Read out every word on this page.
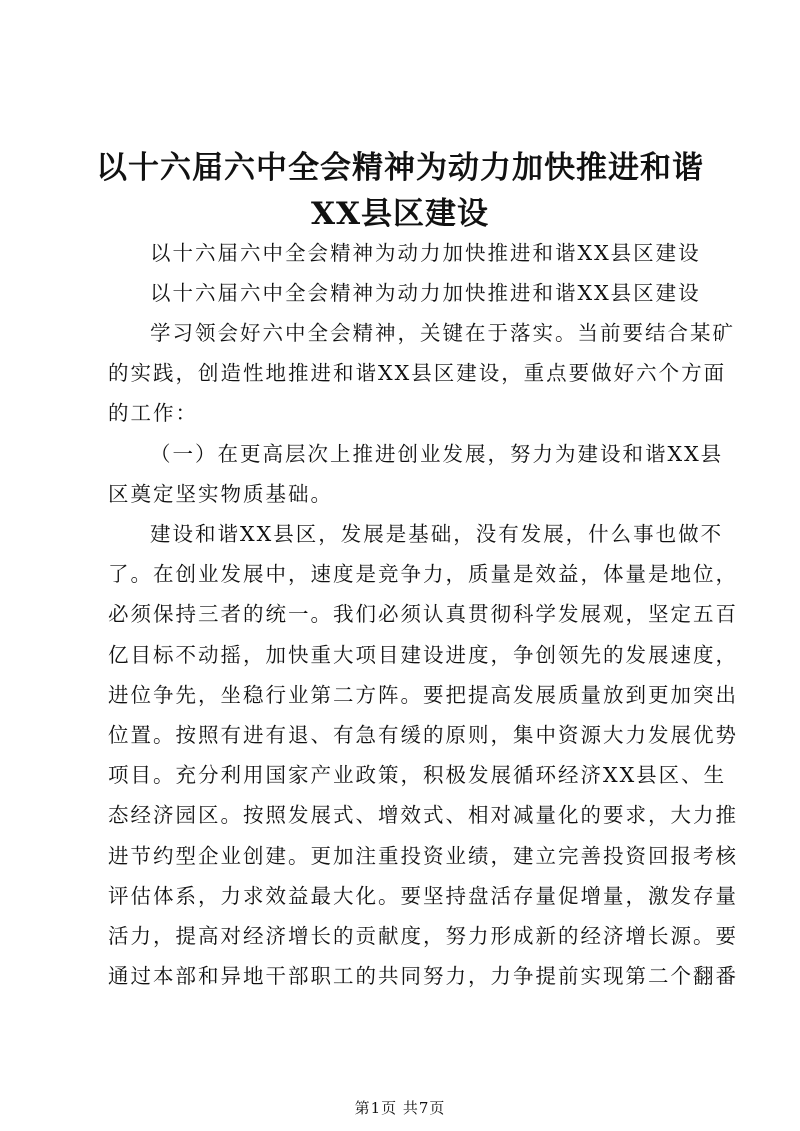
以十六届六中全会精神为动力加快推进和谐
XX县区建设

以十六届六中全会精神为动力加快推进和谐XX县区建设

以十六届六中全会精神为动力加快推进和谐XX县区建设

学习领会好六中全会精神，关键在于落实。当前要结合某矿

的实践，创造性地推进和谐XX县区建设，重点要做好六个方面

的工作：

（一）在更高层次上推进创业发展，努力为建设和谐XX县

区奠定坚实物质基础。

建设和谐XX县区，发展是基础，没有发展，什么事也做不

了。在创业发展中，速度是竞争力，质量是效益，体量是地位，

必须保持三者的统一。我们必须认真贯彻科学发展观，坚定五百

亿目标不动摇，加快重大项目建设进度，争创领先的发展速度，

进位争先，坐稳行业第二方阵。要把提高发展质量放到更加突出

位置。按照有进有退、有急有缓的原则，集中资源大力发展优势

项目。充分利用国家产业政策，积极发展循环经济XX县区、生

态经济园区。按照发展式、增效式、相对减量化的要求，大力推

进节约型企业创建。更加注重投资业绩，建立完善投资回报考核

评估体系，力求效益最大化。要坚持盘活存量促增量，激发存量

活力，提高对经济增长的贡献度，努力形成新的经济增长源。要

通过本部和异地干部职工的共同努力，力争提前实现第二个翻番

第1页 共7页
